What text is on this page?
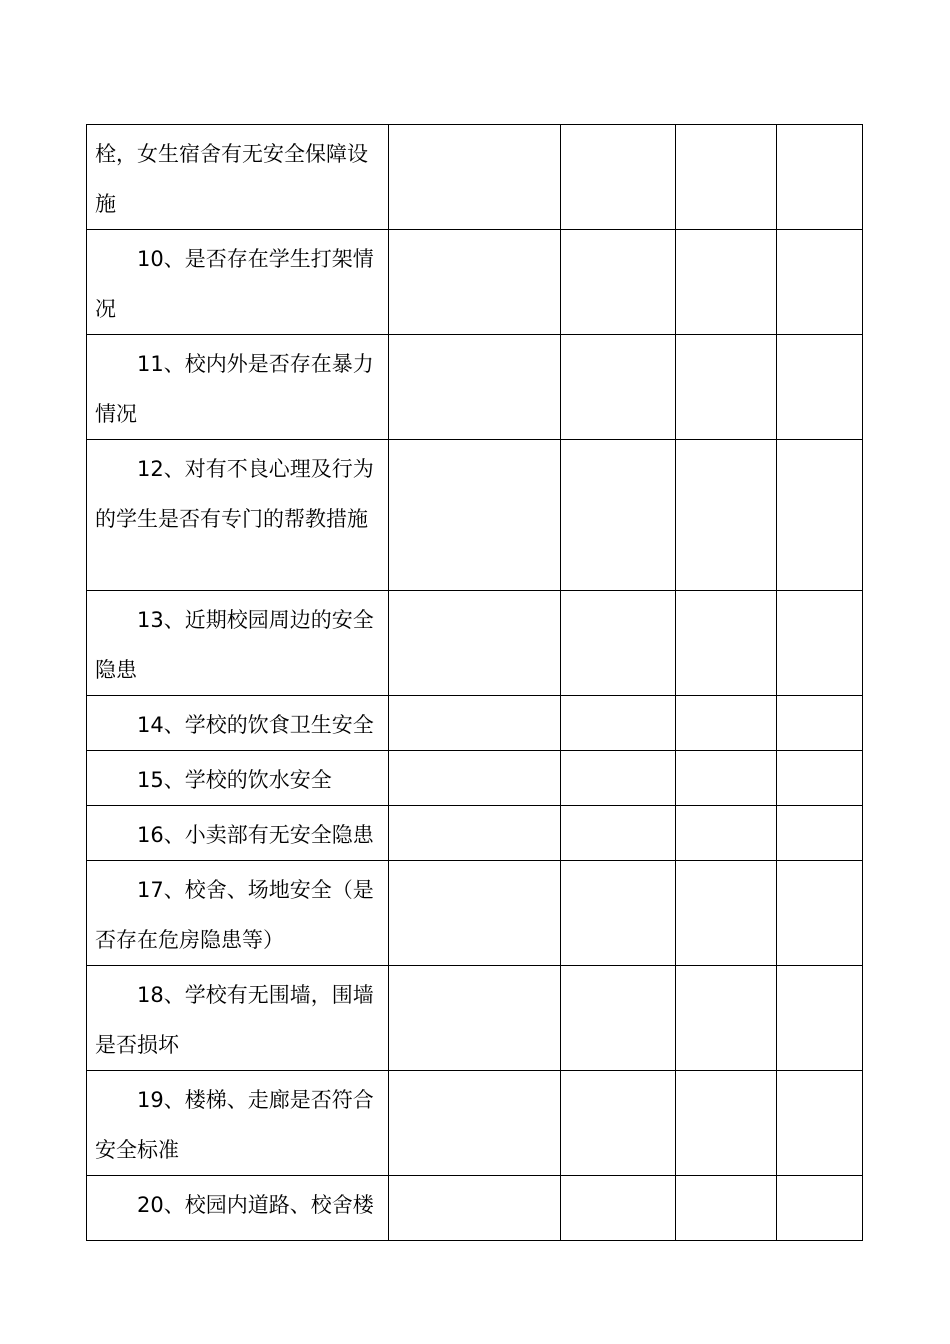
栓，女生宿舍有无安全保障设施				
10、是否存在学生打架情况				
11、校内外是否存在暴力情况				
12、对有不良心理及行为的学生是否有专门的帮教措施				
13、近期校园周边的安全隐患				
14、学校的饮食卫生安全				
15、学校的饮水安全				
16、小卖部有无安全隐患				
17、校舍、场地安全（是否存在危房隐患等）				
18、学校有无围墙，围墙是否损坏				
19、楼梯、走廊是否符合安全标准				
20、校园内道路、校舍楼				
